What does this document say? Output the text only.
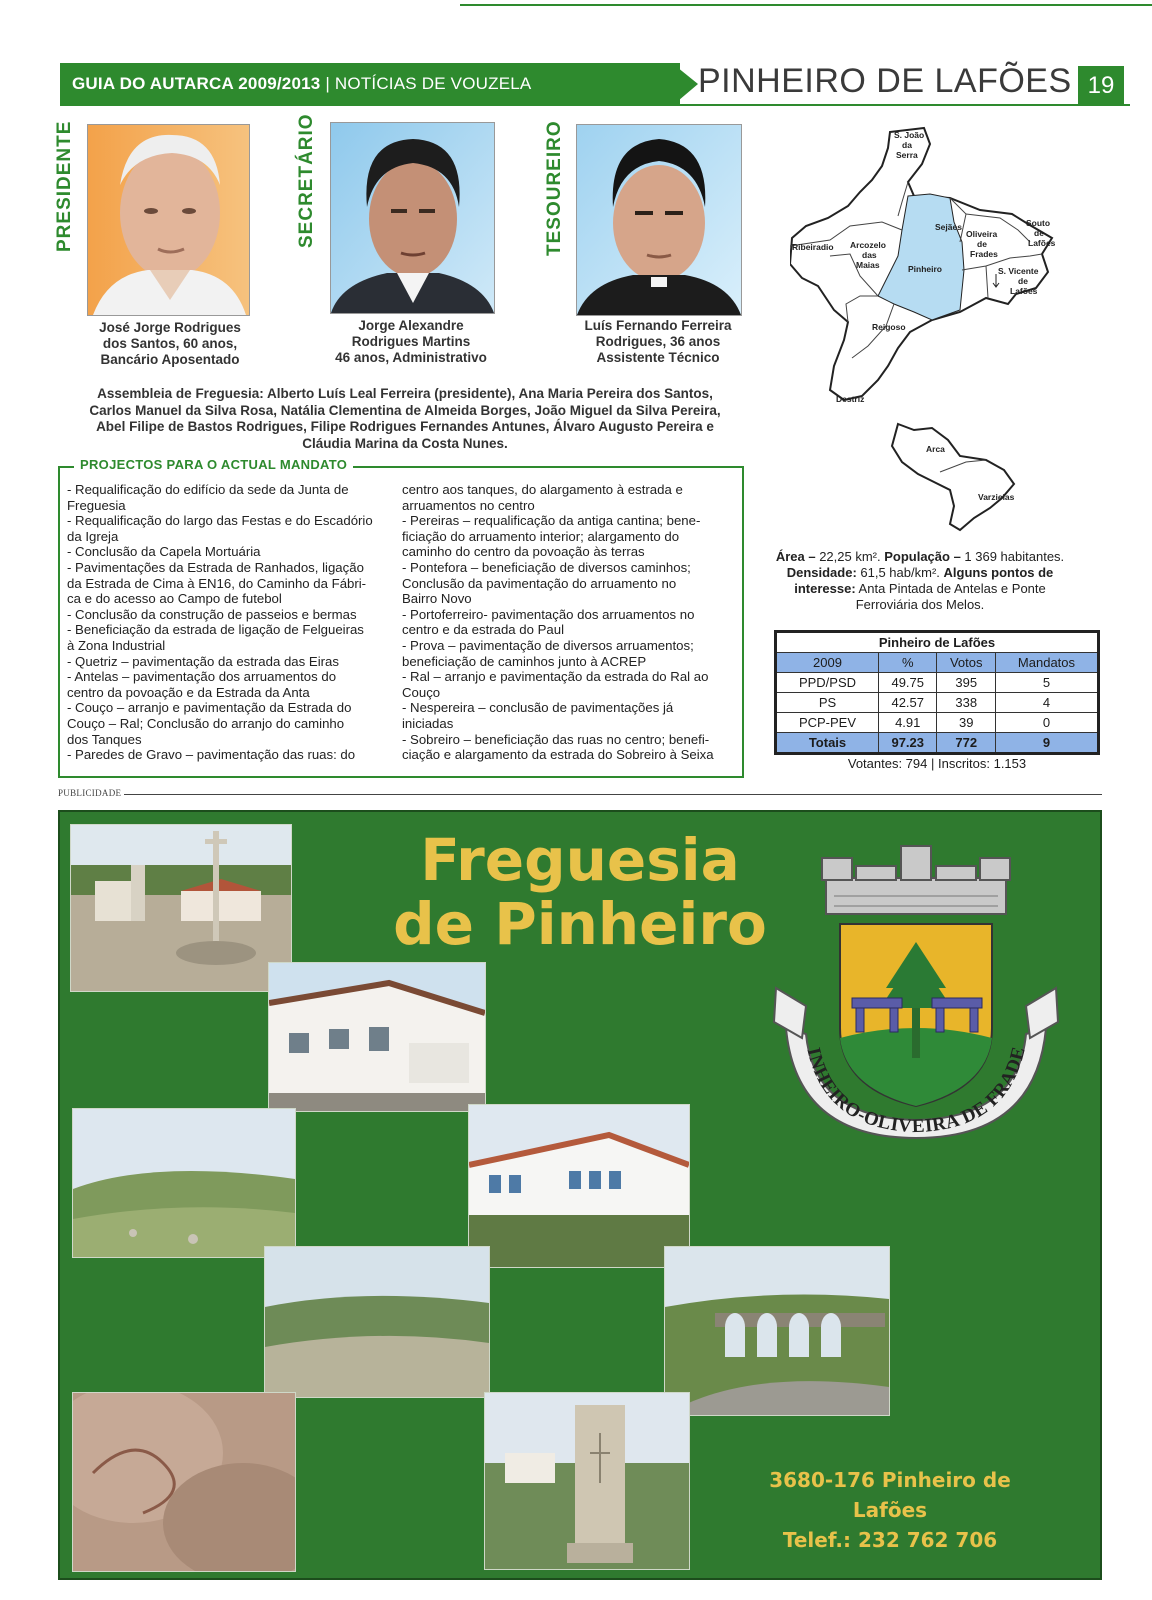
GUIA DO AUTARCA 2009/2013 | NOTÍCIAS DE VOUZELA	PINHEIRO DE LAFÕES 19
PRESIDENTE
José Jorge Rodrigues
dos Santos, 60 anos,
Bancário Aposentado
SECRETÁRIO
Jorge Alexandre
Rodrigues Martins
46 anos, Administrativo
TESOUREIRO
Luís Fernando Ferreira
Rodrigues, 36 anos
Assistente Técnico
Assembleia de Freguesia: Alberto Luís Leal Ferreira (presidente), Ana Maria Pereira dos Santos,
Carlos Manuel da Silva Rosa, Natália Clementina de Almeida Borges, João Miguel da Silva Pereira,
Abel Filipe de Bastos Rodrigues, Filipe Rodrigues Fernandes Antunes, Álvaro Augusto Pereira e
Cláudia Marina da Costa Nunes.
PROJECTOS PARA O ACTUAL MANDATO

- Requalificação do edifício da sede da Junta de

Freguesia

- Requalificação do largo das Festas e do Escadório

da Igreja

- Conclusão da Capela Mortuária

- Pavimentações da Estrada de Ranhados, ligação

da Estrada de Cima à EN16, do Caminho da Fábri-

ca e do acesso ao Campo de futebol

- Conclusão da construção de passeios e bermas

- Beneficiação da estrada de ligação de Felgueiras

à Zona Industrial

- Quetriz – pavimentação da estrada das Eiras

- Antelas – pavimentação dos arruamentos do

centro da povoação e da Estrada da Anta

- Couço – arranjo e pavimentação da Estrada do

Couço – Ral; Conclusão do arranjo do caminho

dos Tanques

- Paredes de Gravo – pavimentação das ruas: do

centro aos tanques, do alargamento à estrada e

arruamentos no centro

- Pereiras – requalificação da antiga cantina; bene-

ficiação do arruamento interior; alargamento do

caminho do centro da povoação às terras

- Pontefora – beneficiação de diversos caminhos;

Conclusão da pavimentação do arruamento no

Bairro Novo

- Portoferreiro- pavimentação dos arruamentos no

centro e da estrada do Paul

- Prova – pavimentação de diversos arruamentos;

beneficiação de caminhos junto à ACREP

- Ral – arranjo e pavimentação da estrada do Ral ao

Couço

- Nespereira – conclusão de pavimentações já

iniciadas

- Sobreiro – beneficiação das ruas no centro; benefi-

ciação e alargamento da estrada do Sobreiro à Seixa

S. João
da
Serra
Sejães	Souto
de
Lafões
Ribeiradio Arcozelo
das
Maias	Pinheiro
Oliveira
de
Frades
S. Vicente
de
Lafões
Reigoso
Destriz
Arca
Varzielas
Área – 22,25 km². População – 1 369 habitantes. Densidade: 61,5 hab/km². Alguns pontos de interesse: Anta Pintada de Antelas e Ponte Ferroviária dos Melos.
Pinheiro de Lafões			
2009	%	Votos	Mandatos
PPD/PSD	49.75	395	5
PS	42.57	338	4
PCP-PEV	4.91	39	0
Totais	97.23	772	9
Votantes: 794 | Inscritos: 1.153
PUBLICIDADE
Freguesia
de Pinheiro
INHEIRO-OLIVEIRA DE FRADE
3680-176 Pinheiro de Lafões
Telef.: 232 762 706
